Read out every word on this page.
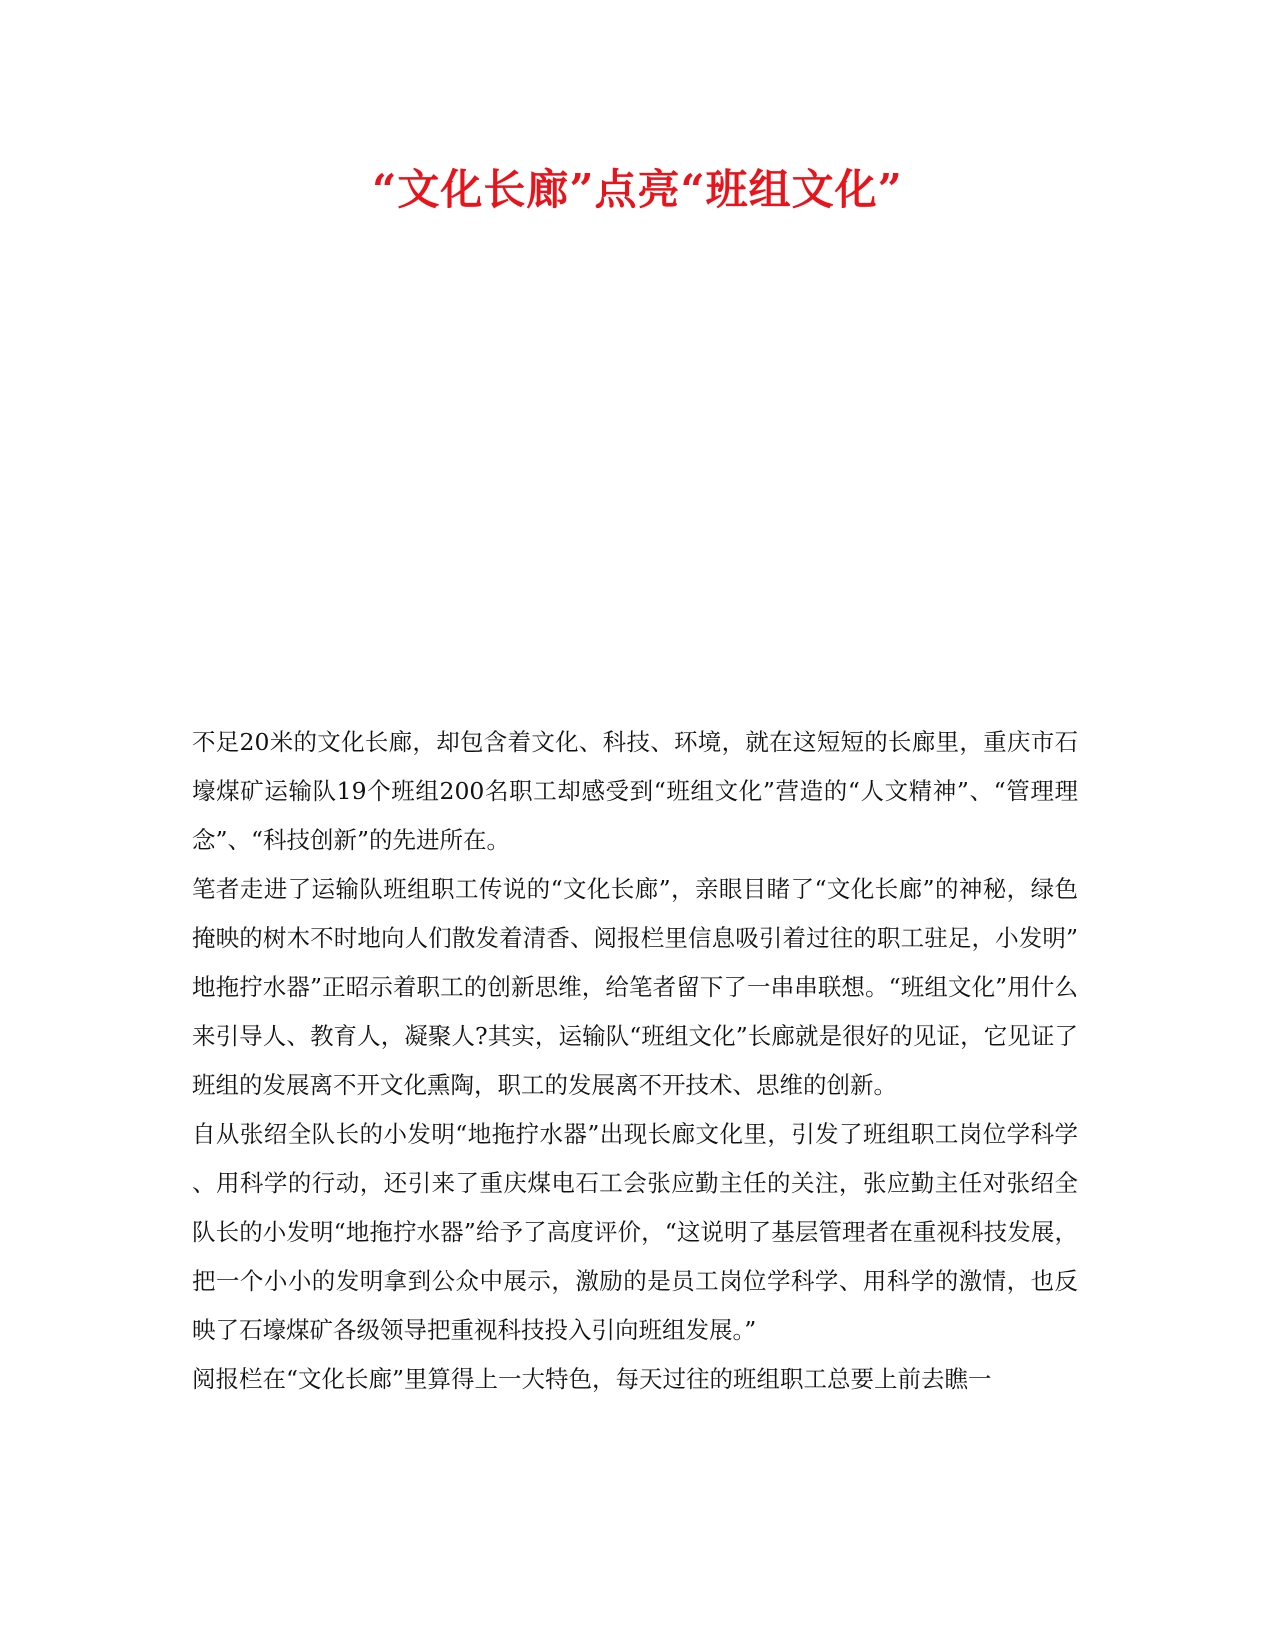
“文化长廊”点亮“班组文化”

不足20米的文化长廊，却包含着文化、科技、环境，就在这短短的长廊里，重庆市石壕煤矿运输队19个班组200名职工却感受到“班组文化”营造的“人文精神”、“管理理念”、“科技创新”的先进所在。

笔者走进了运输队班组职工传说的“文化长廊”，亲眼目睹了“文化长廊”的神秘，绿色掩映的树木不时地向人们散发着清香、阅报栏里信息吸引着过往的职工驻足，小发明”地拖拧水器”正昭示着职工的创新思维，给笔者留下了一串串联想。“班组文化”用什么来引导人、教育人，凝聚人?其实，运输队“班组文化”长廊就是很好的见证，它见证了班组的发展离不开文化熏陶，职工的发展离不开技术、思维的创新。

自从张绍全队长的小发明“地拖拧水器”出现长廊文化里，引发了班组职工岗位学科学、用科学的行动，还引来了重庆煤电石工会张应勤主任的关注，张应勤主任对张绍全队长的小发明“地拖拧水器”给予了高度评价，“这说明了基层管理者在重视科技发展，把一个小小的发明拿到公众中展示，激励的是员工岗位学科学、用科学的激情，也反映了石壕煤矿各级领导把重视科技投入引向班组发展。”

阅报栏在“文化长廊”里算得上一大特色，每天过往的班组职工总要上前去瞧一
